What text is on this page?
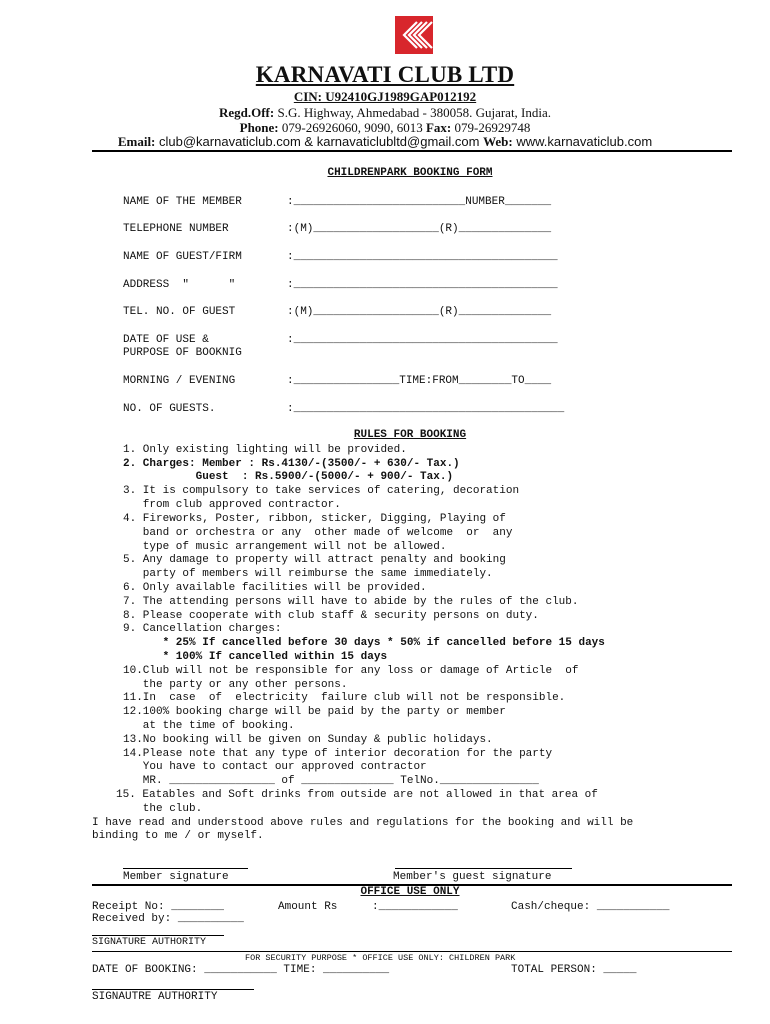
KARNAVATI CLUB LTD
CIN: U92410GJ1989GAP012192
Regd.Off: S.G. Highway, Ahmedabad - 380058. Gujarat, India.
Phone: 079-26926060, 9090, 6013 Fax: 079-26929748
Email: club@karnavaticlub.com & karnavaticlubltd@gmail.com Web: www.karnavaticlub.com
CHILDRENPARK BOOKING FORM
NAME OF THE MEMBER	:__________________________NUMBER_______
TELEPHONE NUMBER	:(M)___________________(R)______________
NAME OF GUEST/FIRM	:________________________________________
ADDRESS  "      "	:________________________________________
TEL. NO. OF GUEST	:(M)___________________(R)______________
DATE OF USE &	:________________________________________
PURPOSE OF BOOKNIG
MORNING / EVENING	:________________TIME:FROM________TO____
NO. OF GUESTS.	:_________________________________________
RULES FOR BOOKING
1. Only existing lighting will be provided.
2. Charges: Member : Rs.4130/-(3500/- + 630/- Tax.)
Guest  : Rs.5900/-(5000/- + 900/- Tax.)
3. It is compulsory to take services of catering, decoration
from club approved contractor.
4. Fireworks, Poster, ribbon, sticker, Digging, Playing of
band or orchestra or any  other made of welcome  or  any
type of music arrangement will not be allowed.
5. Any damage to property will attract penalty and booking
party of members will reimburse the same immediately.
6. Only available facilities will be provided.
7. The attending persons will have to abide by the rules of the club.
8. Please cooperate with club staff & security persons on duty.
9. Cancellation charges:
* 25% If cancelled before 30 days * 50% if cancelled before 15 days
* 100% If cancelled within 15 days
10.Club will not be responsible for any loss or damage of Article  of
the party or any other persons.
11.In  case  of  electricity  failure club will not be responsible.
12.100% booking charge will be paid by the party or member
at the time of booking.
13.No booking will be given on Sunday & public holidays.
14.Please note that any type of interior decoration for the party
You have to contact our approved contractor
MR. ________________ of ______________ TelNo._______________
15. Eatables and Soft drinks from outside are not allowed in that area of
the club.
I have read and understood above rules and regulations for the booking and will be
binding to me / or myself.
Member signature	Member's guest signature
OFFICE USE ONLY
Receipt No: ________	Amount Rs	:____________	Cash/cheque: ___________
Received by: __________
SIGNATURE AUTHORITY
FOR SECURITY PURPOSE * OFFICE USE ONLY: CHILDREN PARK
DATE OF BOOKING: ___________ TIME: __________	TOTAL PERSON: _____
SIGNAUTRE AUTHORITY
